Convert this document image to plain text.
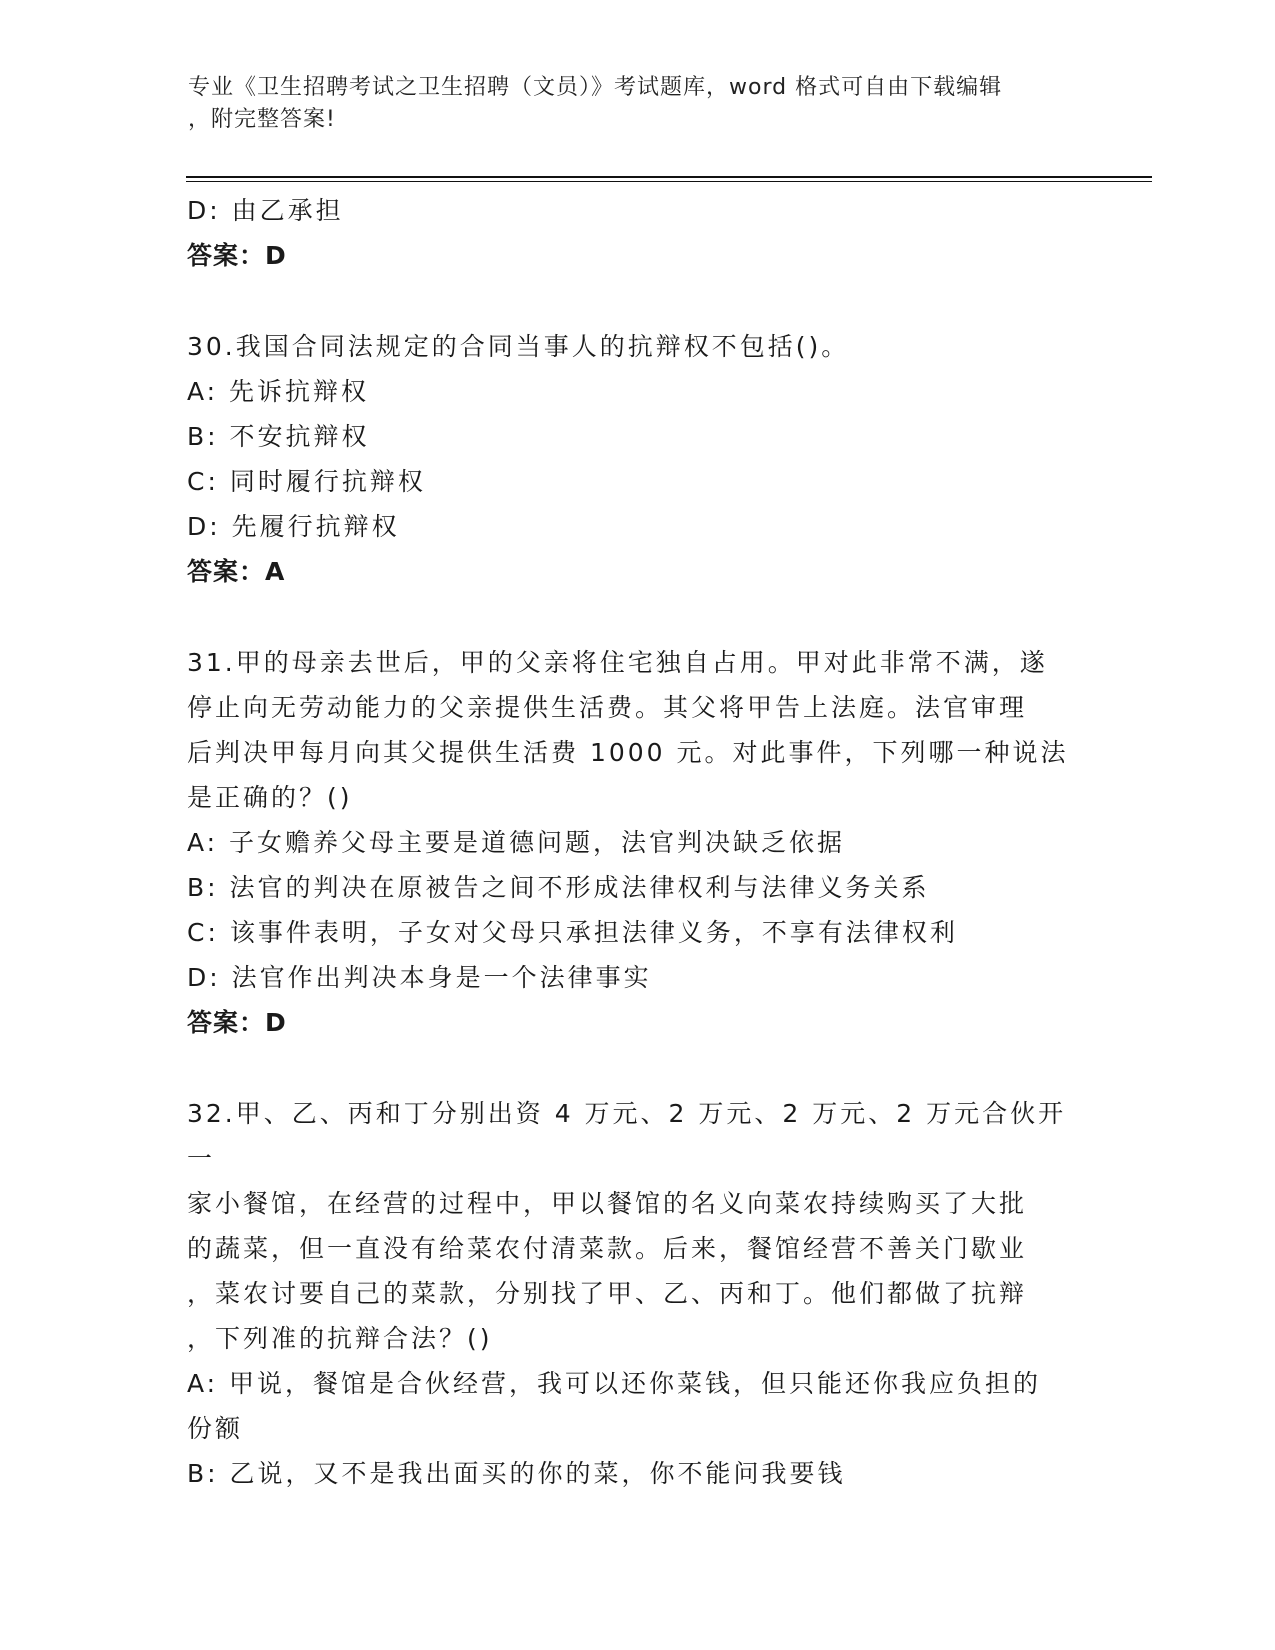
专业《卫生招聘考试之卫生招聘（文员）》考试题库，word 格式可自由下载编辑
，附完整答案!

D: 由乙承担

答案：D

30.我国合同法规定的合同当事人的抗辩权不包括()。

A: 先诉抗辩权

B: 不安抗辩权

C: 同时履行抗辩权

D: 先履行抗辩权

答案：A

31.甲的母亲去世后，甲的父亲将住宅独自占用。甲对此非常不满，遂

停止向无劳动能力的父亲提供生活费。其父将甲告上法庭。法官审理

后判决甲每月向其父提供生活费 1000 元。对此事件，下列哪一种说法

是正确的？()

A: 子女赡养父母主要是道德问题，法官判决缺乏依据

B: 法官的判决在原被告之间不形成法律权利与法律义务关系

C: 该事件表明，子女对父母只承担法律义务，不享有法律权利

D: 法官作出判决本身是一个法律事实

答案：D

32.甲、乙、丙和丁分别出资 4 万元、2 万元、2 万元、2 万元合伙开一

家小餐馆，在经营的过程中，甲以餐馆的名义向菜农持续购买了大批

的蔬菜，但一直没有给菜农付清菜款。后来，餐馆经营不善关门歇业

，菜农讨要自己的菜款，分别找了甲、乙、丙和丁。他们都做了抗辩

，下列准的抗辩合法？()

A: 甲说，餐馆是合伙经营，我可以还你菜钱，但只能还你我应负担的

份额

B: 乙说，又不是我出面买的你的菜，你不能问我要钱
